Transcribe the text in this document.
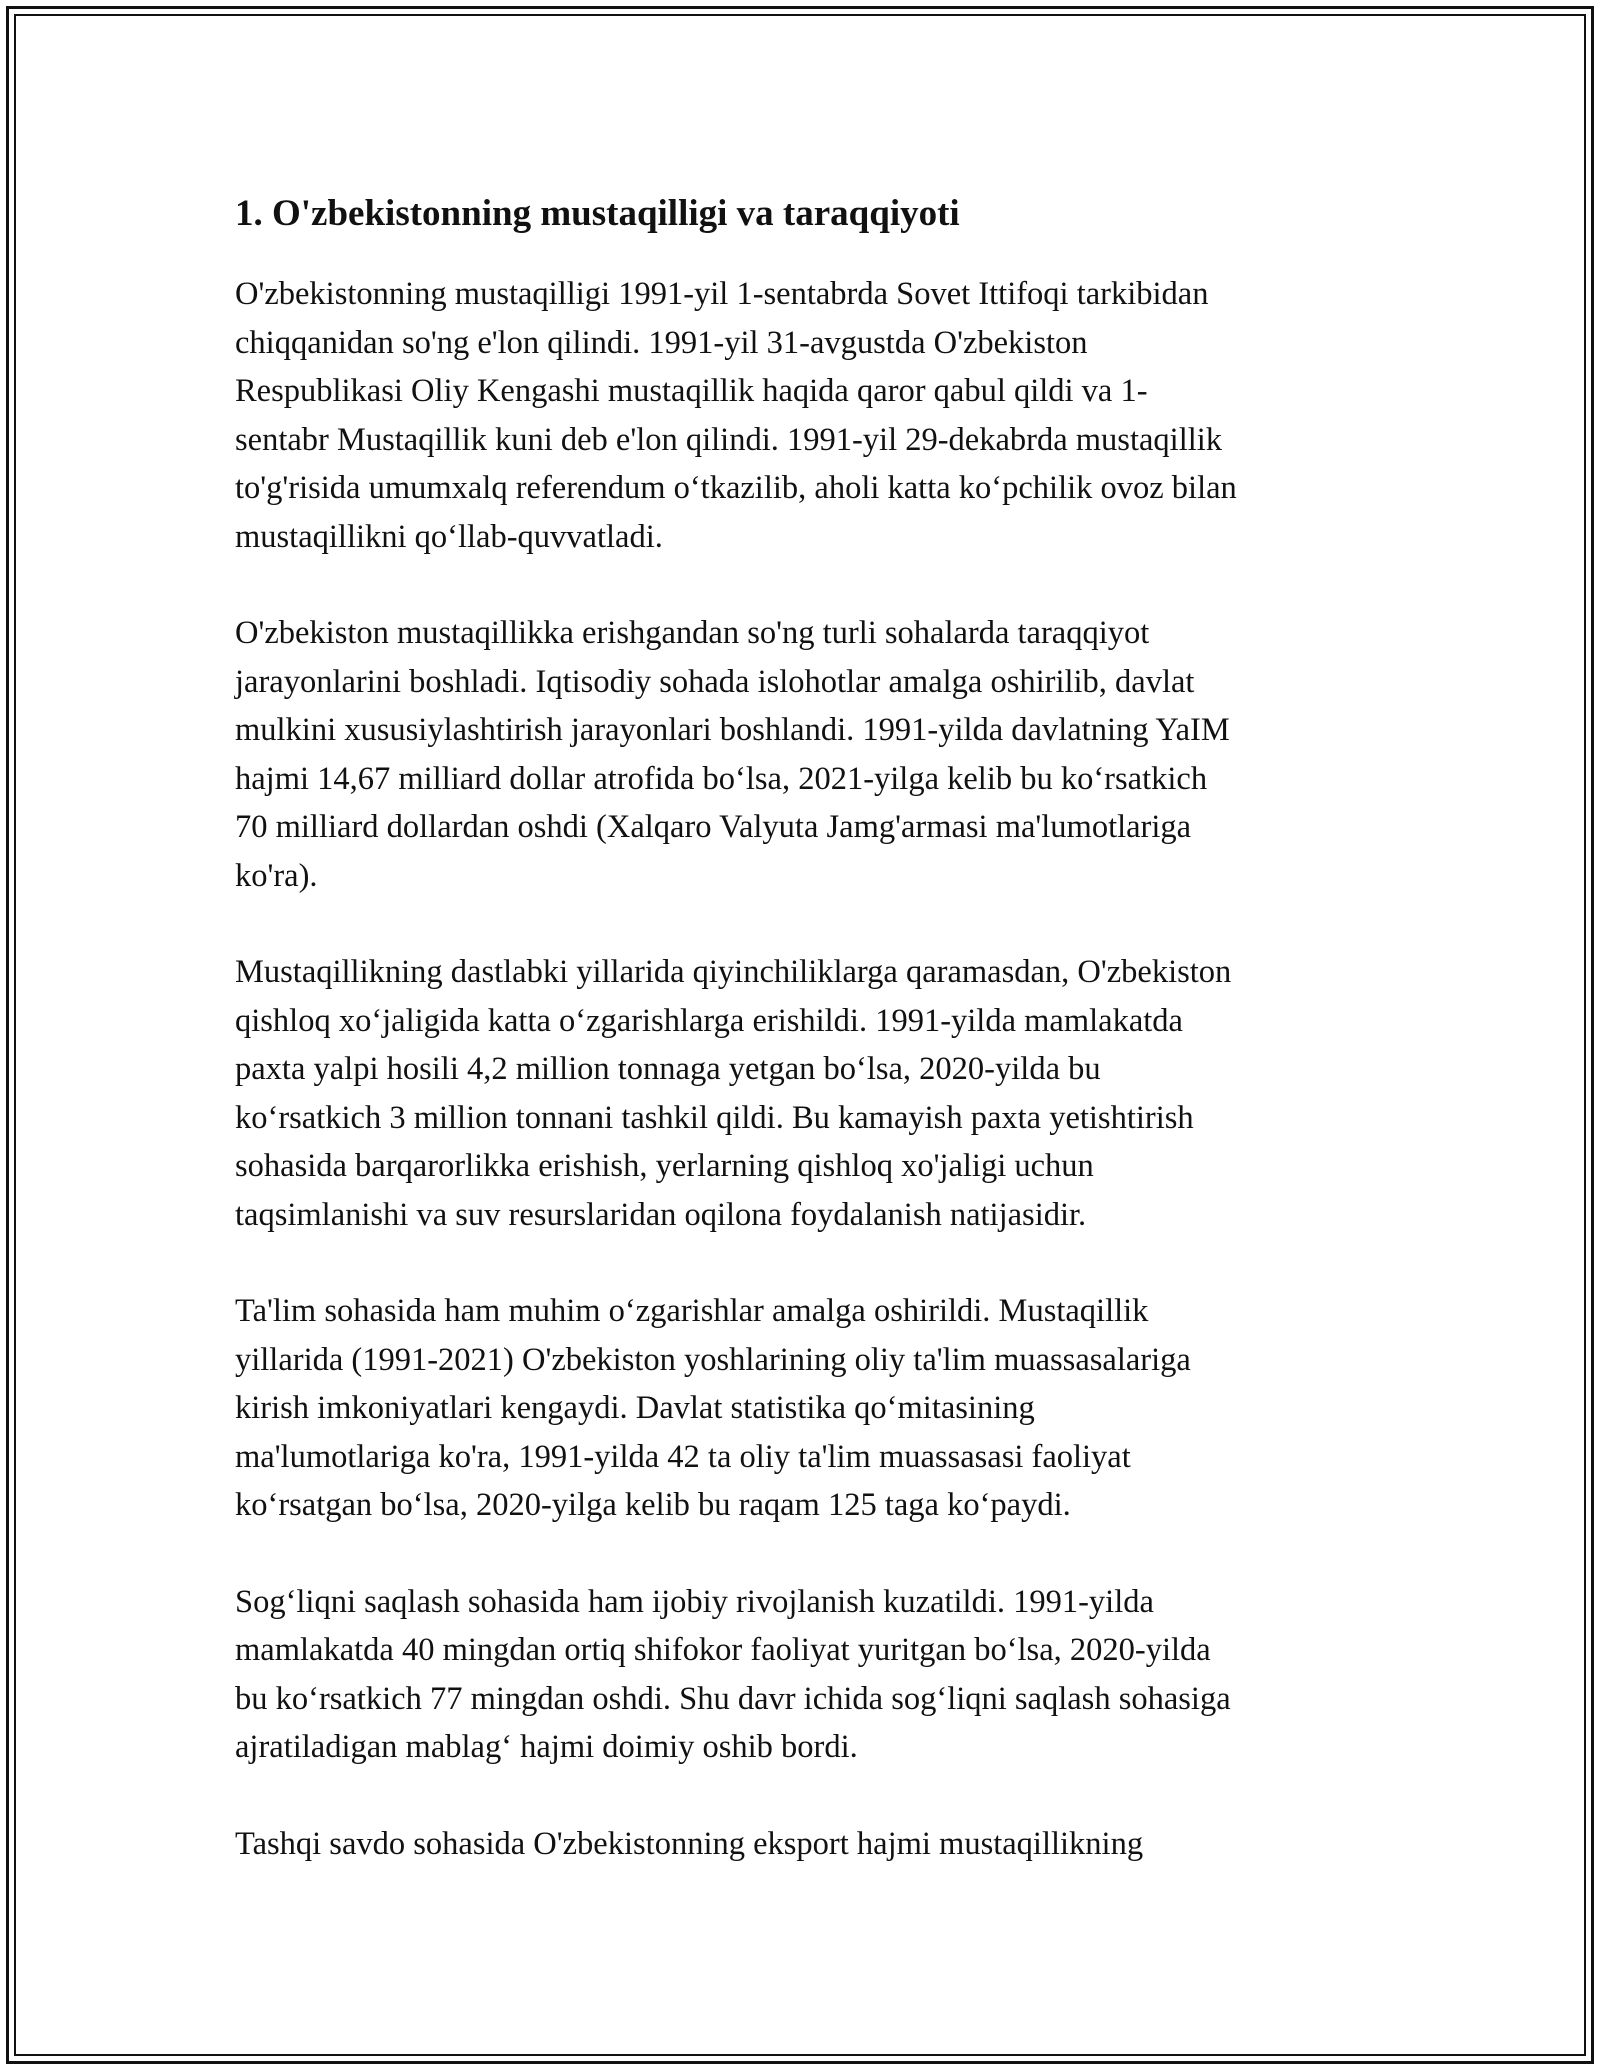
1. O'zbekistonning mustaqilligi va taraqqiyoti

O'zbekistonning mustaqilligi 1991-yil 1-sentabrda Sovet Ittifoqi tarkibidan
chiqqanidan so'ng e'lon qilindi. 1991-yil 31-avgustda O'zbekiston
Respublikasi Oliy Kengashi mustaqillik haqida qaror qabul qildi va 1-
sentabr Mustaqillik kuni deb e'lon qilindi. 1991-yil 29-dekabrda mustaqillik
to'g'risida umumxalq referendum o‘tkazilib, aholi katta ko‘pchilik ovoz bilan
mustaqillikni qo‘llab-quvvatladi.

O'zbekiston mustaqillikka erishgandan so'ng turli sohalarda taraqqiyot
jarayonlarini boshladi. Iqtisodiy sohada islohotlar amalga oshirilib, davlat
mulkini xususiylashtirish jarayonlari boshlandi. 1991-yilda davlatning YaIM
hajmi 14,67 milliard dollar atrofida bo‘lsa, 2021-yilga kelib bu ko‘rsatkich
70 milliard dollardan oshdi (Xalqaro Valyuta Jamg'armasi ma'lumotlariga
ko'ra).

Mustaqillikning dastlabki yillarida qiyinchiliklarga qaramasdan, O'zbekiston
qishloq xo‘jaligida katta o‘zgarishlarga erishildi. 1991-yilda mamlakatda
paxta yalpi hosili 4,2 million tonnaga yetgan bo‘lsa, 2020-yilda bu
ko‘rsatkich 3 million tonnani tashkil qildi. Bu kamayish paxta yetishtirish
sohasida barqarorlikka erishish, yerlarning qishloq xo'jaligi uchun
taqsimlanishi va suv resurslaridan oqilona foydalanish natijasidir.

Ta'lim sohasida ham muhim o‘zgarishlar amalga oshirildi. Mustaqillik
yillarida (1991-2021) O'zbekiston yoshlarining oliy ta'lim muassasalariga
kirish imkoniyatlari kengaydi. Davlat statistika qo‘mitasining
ma'lumotlariga ko'ra, 1991-yilda 42 ta oliy ta'lim muassasasi faoliyat
ko‘rsatgan bo‘lsa, 2020-yilga kelib bu raqam 125 taga ko‘paydi.

Sog‘liqni saqlash sohasida ham ijobiy rivojlanish kuzatildi. 1991-yilda
mamlakatda 40 mingdan ortiq shifokor faoliyat yuritgan bo‘lsa, 2020-yilda
bu ko‘rsatkich 77 mingdan oshdi. Shu davr ichida sog‘liqni saqlash sohasiga
ajratiladigan mablag‘ hajmi doimiy oshib bordi.

Tashqi savdo sohasida O'zbekistonning eksport hajmi mustaqillikning
